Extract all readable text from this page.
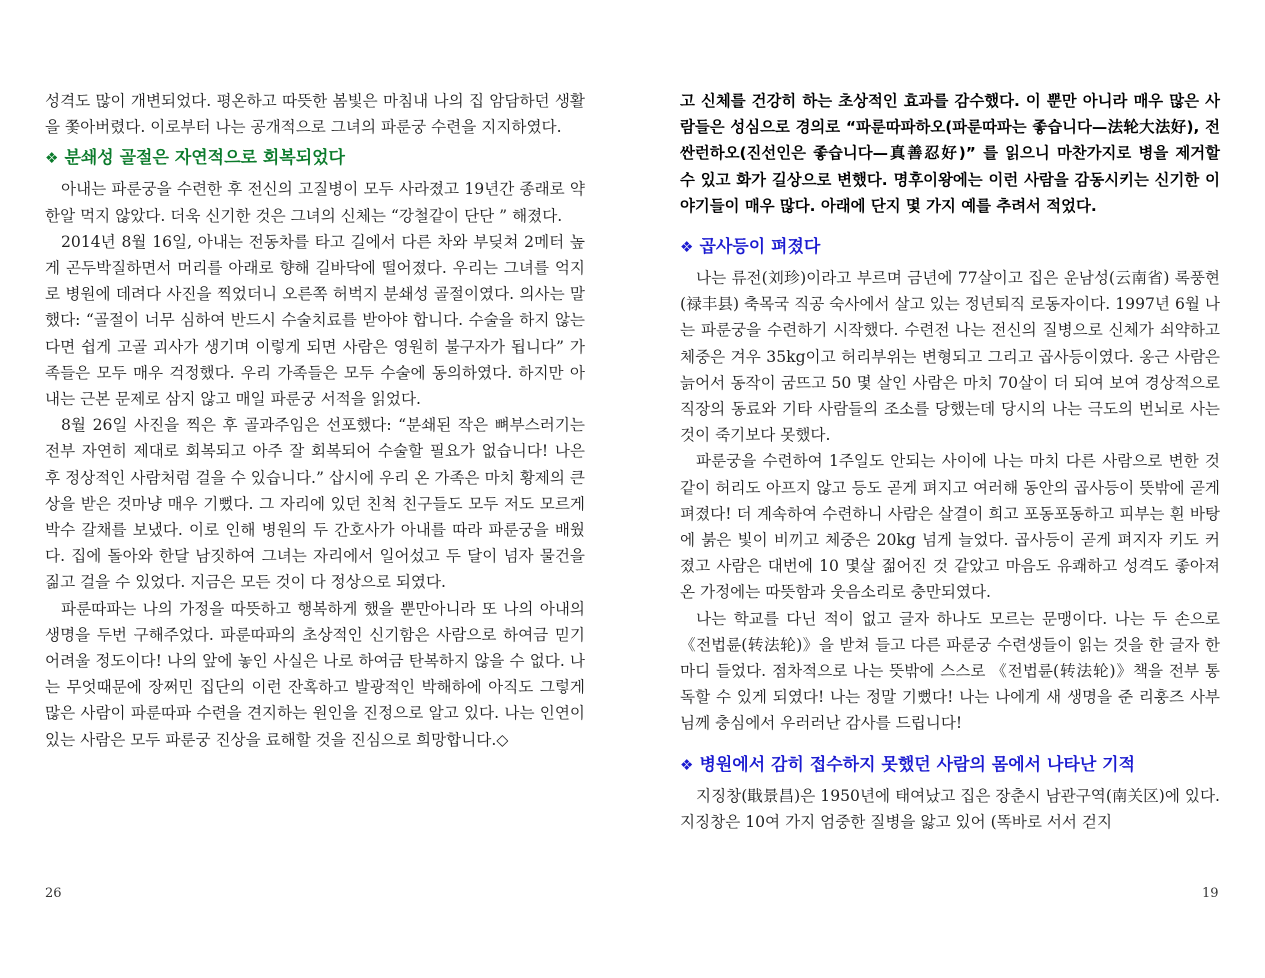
성격도 많이 개변되었다. 평온하고 따뜻한 봄빛은 마침내 나의 집 암담하던 생활을 쫓아버렸다. 이로부터 나는 공개적으로 그녀의 파룬궁 수련을 지지하였다.

❖ 분쇄성 골절은 자연적으로 회복되었다

아내는 파룬궁을 수련한 후 전신의 고질병이 모두 사라졌고 19년간 종래로 약 한알 먹지 않았다. 더욱 신기한 것은 그녀의 신체는 “강철같이 단단 ” 해졌다.

2014년 8월 16일, 아내는 전동차를 타고 길에서 다른 차와 부딪쳐 2메터 높게 곤두박질하면서 머리를 아래로 향해 길바닥에 떨어졌다. 우리는 그녀를 억지로 병원에 데려다 사진을 찍었더니 오른쪽 허벅지 분쇄성 골절이였다. 의사는 말했다: “골절이 너무 심하여 반드시 수술치료를 받아야 합니다. 수술을 하지 않는다면 쉽게 고골 괴사가 생기며 이렇게 되면 사람은 영원히 불구자가 됩니다” 가족들은 모두 매우 걱정했다. 우리 가족들은 모두 수술에 동의하였다. 하지만 아내는 근본 문제로 삼지 않고 매일 파룬궁 서적을 읽었다.

8월 26일 사진을 찍은 후 골과주임은 선포했다: “분쇄된 작은 뼈부스러기는 전부 자연히 제대로 회복되고 아주 잘 회복되어 수술할 필요가 없습니다! 나은 후 정상적인 사람처럼 걸을 수 있습니다.” 삽시에 우리 온 가족은 마치 황제의 큰상을 받은 것마냥 매우 기뻤다. 그 자리에 있던 친척 친구들도 모두 저도 모르게 박수 갈채를 보냈다. 이로 인해 병원의 두 간호사가 아내를 따라 파룬궁을 배웠다. 집에 돌아와 한달 남짓하여 그녀는 자리에서 일어섰고 두 달이 넘자 물건을 짊고 걸을 수 있었다. 지금은 모든 것이 다 정상으로 되였다.

파룬따파는 나의 가정을 따뜻하고 행복하게 했을 뿐만아니라 또 나의 아내의 생명을 두번 구해주었다. 파룬따파의 초상적인 신기함은 사람으로 하여금 믿기 어려울 정도이다! 나의 앞에 놓인 사실은 나로 하여금 탄복하지 않을 수 없다. 나는 무엇때문에 장쩌민 집단의 이런 잔혹하고 발광적인 박해하에 아직도 그렇게 많은 사람이 파룬따파 수련을 견지하는 원인을 진정으로 알고 있다. 나는 인연이 있는 사람은 모두 파룬궁 진상을 료해할 것을 진심으로 희망합니다.◇

고 신체를 건강히 하는 초상적인 효과를 감수했다. 이 뿐만 아니라 매우 많은 사람들은 성심으로 경의로 “파룬따파하오(파룬따파는 좋습니다—法轮大法好), 전싼런하오(진선인은 좋습니다—真善忍好)” 를 읽으니 마찬가지로 병을 제거할 수 있고 화가 길상으로 변했다. 명후이왕에는 이런 사람을 감동시키는 신기한 이야기들이 매우 많다. 아래에 단지 몇 가지 예를 추려서 적었다.

❖ 곱사등이 펴졌다

나는 류전(刘珍)이라고 부르며 금년에 77살이고 집은 운남성(云南省) 록풍현(禄丰县) 축목국 직공 숙사에서 살고 있는 정년퇴직 로동자이다. 1997년 6월 나는 파룬궁을 수련하기 시작했다. 수련전 나는 전신의 질병으로 신체가 쇠약하고 체중은 겨우 35kg이고 허리부위는 변형되고 그리고 곱사등이였다. 옹근 사람은 늙어서 동작이 굼뜨고 50 몇 살인 사람은 마치 70살이 더 되여 보여 경상적으로 직장의 동료와 기타 사람들의 조소를 당했는데 당시의 나는 극도의 번뇌로 사는 것이 죽기보다 못했다.

파룬궁을 수련하여 1주일도 안되는 사이에 나는 마치 다른 사람으로 변한 것 같이 허리도 아프지 않고 등도 곧게 펴지고 여러해 동안의 곱사등이 뜻밖에 곧게 펴졌다! 더 계속하여 수련하니 사람은 살결이 희고 포동포동하고 피부는 흰 바탕에 붉은 빛이 비끼고 체중은 20kg 넘게 늘었다. 곱사등이 곧게 펴지자 키도 커졌고 사람은 대번에 10 몇살 젊어진 것 같았고 마음도 유쾌하고 성격도 좋아져 온 가정에는 따뜻함과 웃음소리로 충만되였다.

나는 학교를 다닌 적이 없고 글자 하나도 모르는 문맹이다. 나는 두 손으로 《전법륜(转法轮)》을 받쳐 들고 다른 파룬궁 수련생들이 읽는 것을 한 글자 한 마디 들었다. 점차적으로 나는 뜻밖에 스스로 《전법륜(转法轮)》책을 전부 통독할 수 있게 되였다! 나는 정말 기뻤다! 나는 나에게 새 생명을 준 리훙즈 사부님께 충심에서 우러러난 감사를 드립니다!

❖ 병원에서 감히 접수하지 못했던 사람의 몸에서 나타난 기적

지징창(戢景昌)은 1950년에 태여났고 집은 장춘시 남관구역(南关区)에 있다. 지징창은 10여 가지 엄중한 질병을 앓고 있어 (똑바로 서서 걷지

26	19
